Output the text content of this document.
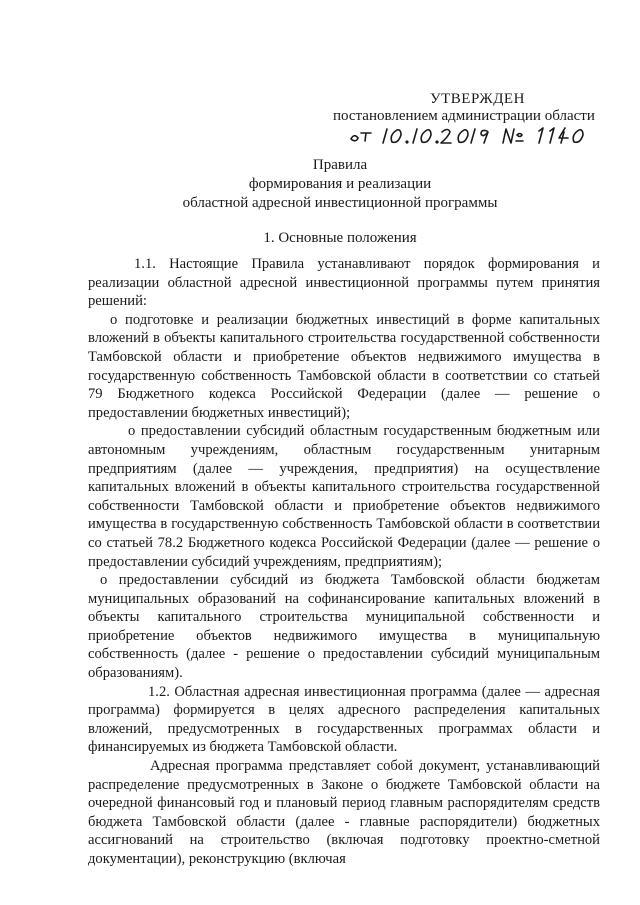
УТВЕРЖДЕН
постановлением администрации области
Правила
формирования и реализации
областной адресной инвестиционной программы
1. Основные положения

1.1. Настоящие Правила устанавливают порядок формирования и реализации областной адресной инвестиционной программы путем принятия решений:

о подготовке и реализации бюджетных инвестиций в форме капитальных вложений в объекты капитального строительства государственной собственности Тамбовской области и приобретение объектов недвижимого имущества в государственную собственность Тамбовской области в соответствии со статьей 79 Бюджетного кодекса Российской Федерации (далее — решение о предоставлении бюджетных инвестиций);

о предоставлении субсидий областным государственным бюджетным или автономным учреждениям, областным государственным унитарным предприятиям (далее — учреждения, предприятия) на осуществление капитальных вложений в объекты капитального строительства государственной собственности Тамбовской области и приобретение объектов недвижимого имущества в государственную собственность Тамбовской области в соответствии со статьей 78.2 Бюджетного кодекса Российской Федерации (далее — решение о предоставлении субсидий учреждениям, предприятиям);

о предоставлении субсидий из бюджета Тамбовской области бюджетам муниципальных образований на софинансирование капитальных вложений в объекты капитального строительства муниципальной собственности и приобретение объектов недвижимого имущества в муниципальную собственность (далее - решение о предоставлении субсидий муниципальным образованиям).

1.2. Областная адресная инвестиционная программа (далее — адресная программа) формируется в целях адресного распределения капитальных вложений, предусмотренных в государственных программах области и финансируемых из бюджета Тамбовской области.

Адресная программа представляет собой документ, устанавливающий распределение предусмотренных в Законе о бюджете Тамбовской области на очередной финансовый год и плановый период главным распорядителям средств бюджета Тамбовской области (далее - главные распорядители) бюджетных ассигнований на строительство (включая подготовку проектно-сметной документации), реконструкцию (включая
